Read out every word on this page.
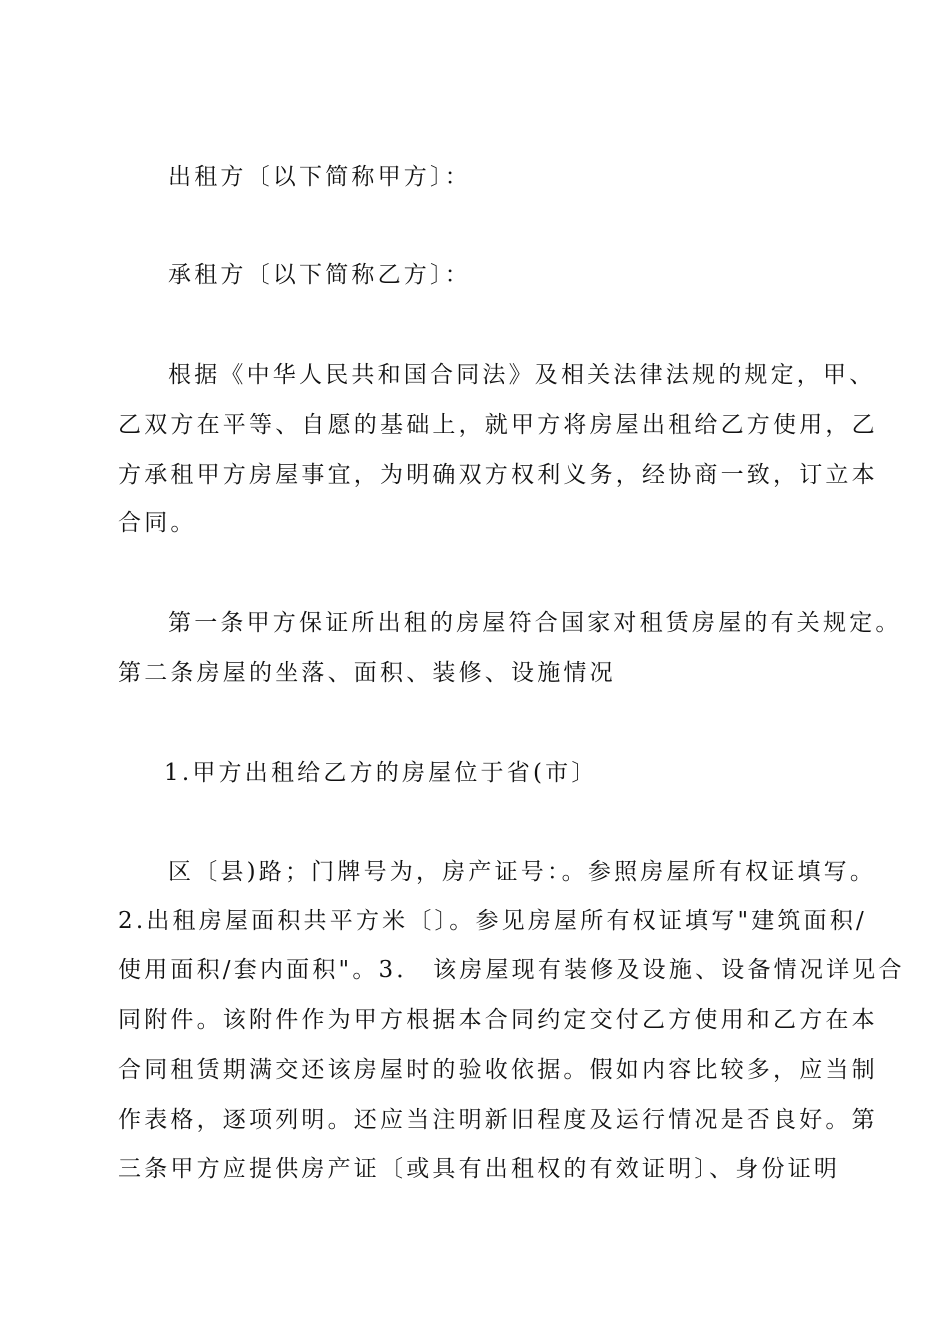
出租方〔以下简称甲方〕：
承租方〔以下简称乙方〕：
根据《中华人民共和国合同法》及相关法律法规的规定，甲、
乙双方在平等、自愿的基础上，就甲方将房屋出租给乙方使用，乙
方承租甲方房屋事宜，为明确双方权利义务，经协商一致，订立本
合同。
第一条甲方保证所出租的房屋符合国家对租赁房屋的有关规定。
第二条房屋的坐落、面积、装修、设施情况
1.甲方出租给乙方的房屋位于省(市〕
区〔县)路；门牌号为，房产证号：。参照房屋所有权证填写。
2.出租房屋面积共平方米〔〕。参见房屋所有权证填写"建筑面积/
使用面积/套内面积"。3． 该房屋现有装修及设施、设备情况详见合
同附件。该附件作为甲方根据本合同约定交付乙方使用和乙方在本
合同租赁期满交还该房屋时的验收依据。假如内容比较多，应当制
作表格，逐项列明。还应当注明新旧程度及运行情况是否良好。第
三条甲方应提供房产证〔或具有出租权的有效证明〕、身份证明
